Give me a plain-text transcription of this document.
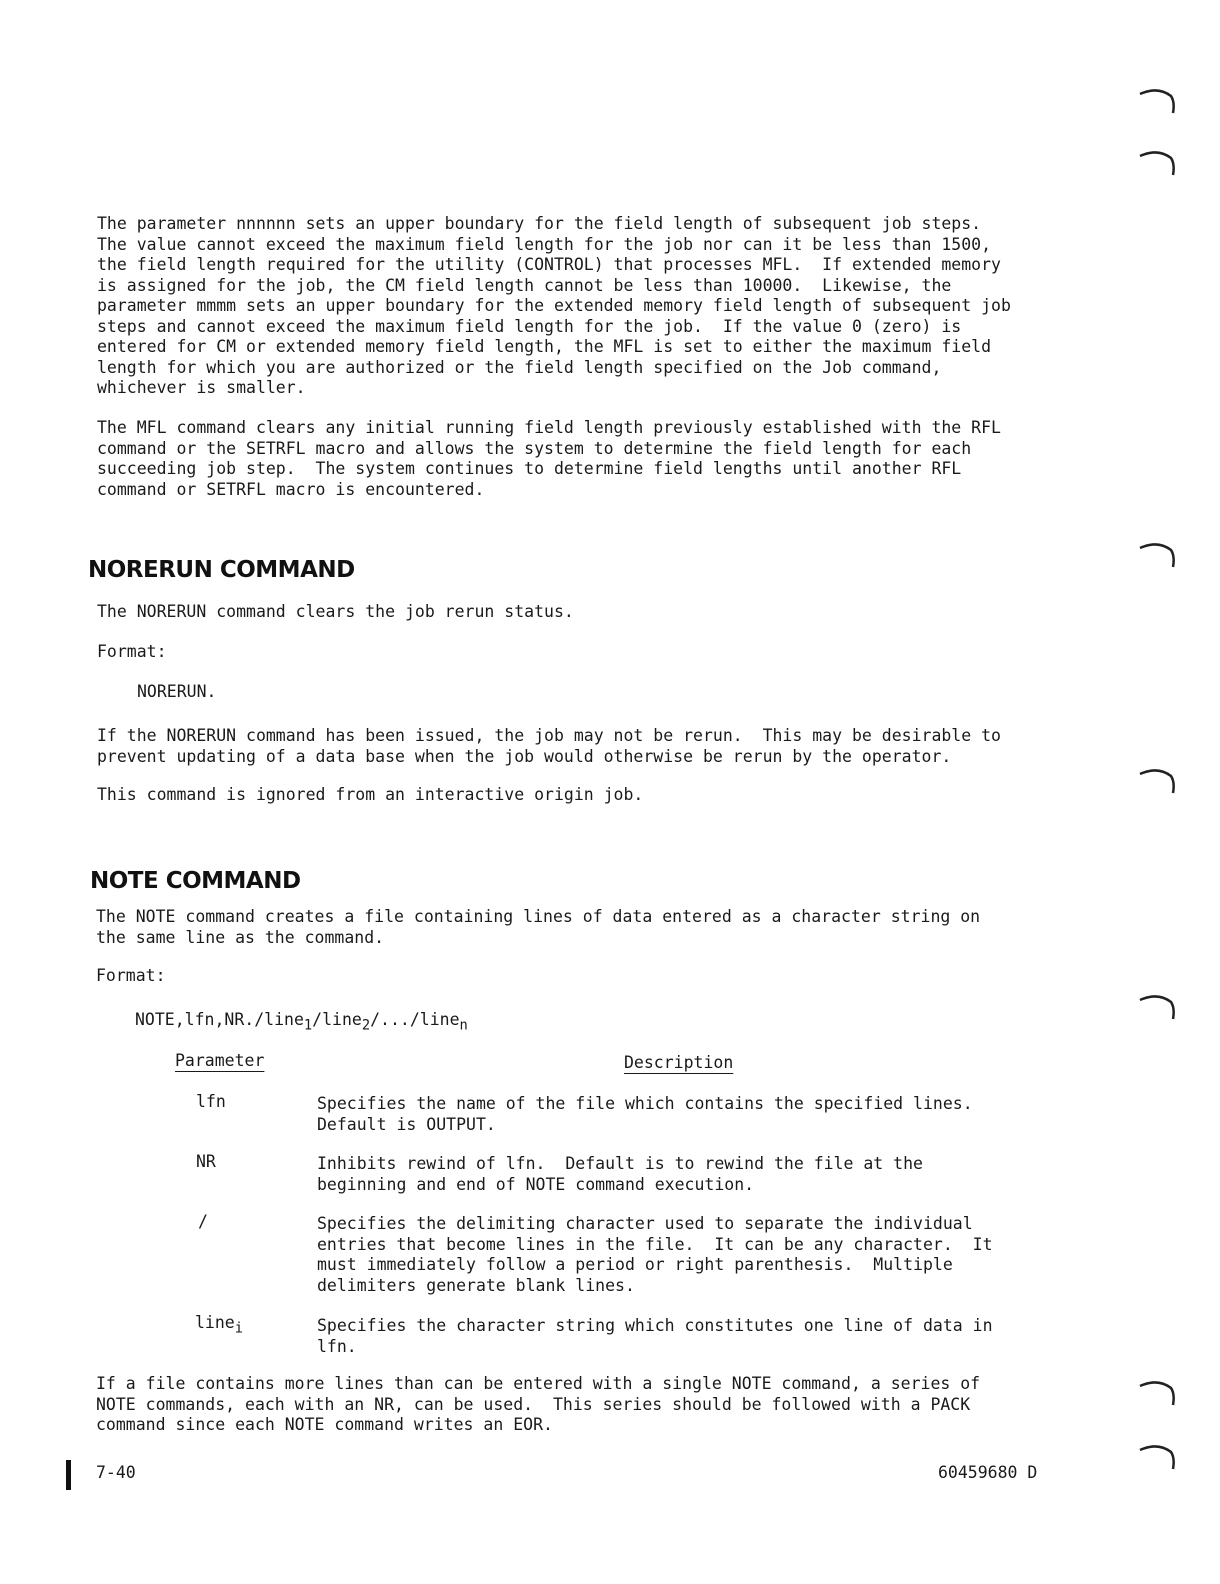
The parameter nnnnnn sets an upper boundary for the field length of subsequent job steps.
The value cannot exceed the maximum field length for the job nor can it be less than 1500,
the field length required for the utility (CONTROL) that processes MFL.  If extended memory
is assigned for the job, the CM field length cannot be less than 10000.  Likewise, the
parameter mmmm sets an upper boundary for the extended memory field length of subsequent job
steps and cannot exceed the maximum field length for the job.  If the value 0 (zero) is
entered for CM or extended memory field length, the MFL is set to either the maximum field
length for which you are authorized or the field length specified on the Job command,
whichever is smaller.
The MFL command clears any initial running field length previously established with the RFL
command or the SETRFL macro and allows the system to determine the field length for each
succeeding job step.  The system continues to determine field lengths until another RFL
command or SETRFL macro is encountered.
NORERUN COMMAND

The NORERUN command clears the job rerun status.

Format:

NORERUN.

If the NORERUN command has been issued, the job may not be rerun.  This may be desirable to
prevent updating of a data base when the job would otherwise be rerun by the operator.

This command is ignored from an interactive origin job.

NOTE COMMAND
The NOTE command creates a file containing lines of data entered as a character string on
the same line as the command.

Format:

NOTE,lfn,NR./line$_1$/line$_2$/.../line$_n$

Parameter	Description
lfn	Specifies the name of the file which contains the specified lines.
Default is OUTPUT.
NR	Inhibits rewind of lfn.  Default is to rewind the file at the
beginning and end of NOTE command execution.
/	Specifies the delimiting character used to separate the individual
entries that become lines in the file.  It can be any character.  It
must immediately follow a period or right parenthesis.  Multiple
delimiters generate blank lines.
line$_i$	Specifies the character string which constitutes one line of data in
lfn.
If a file contains more lines than can be entered with a single NOTE command, a series of
NOTE commands, each with an NR, can be used.  This series should be followed with a PACK
command since each NOTE command writes an EOR.
7-40	60459680 D
